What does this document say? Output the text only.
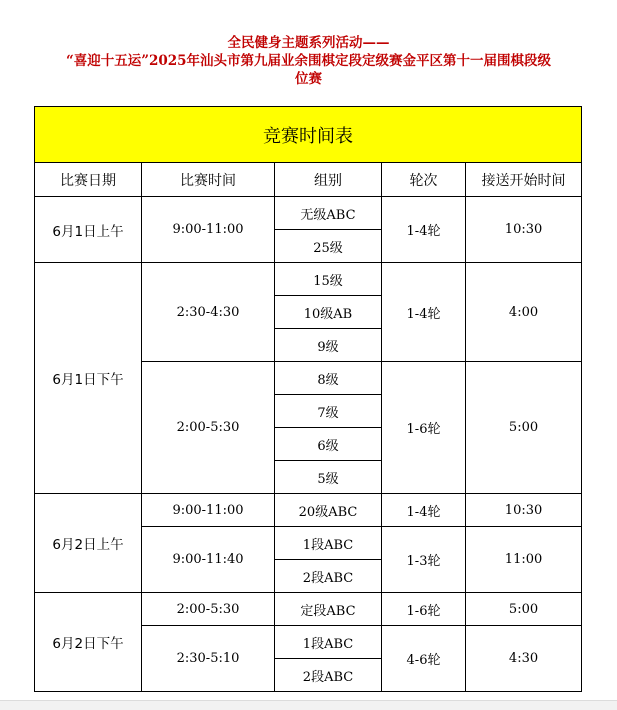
全民健身主题系列活动——
“喜迎十五运”2025年汕头市第九届业余围棋定段定级赛金平区第十一届围棋段级
位赛
竞赛时间表				
比赛日期	比赛时间	组别	轮次	接送开始时间
6月1日上午	9:00-11:00	无级ABC	1-4轮	10:30
		25级		
6月1日下午	2:30-4:30	15级	1-4轮	4:00
		10级AB		
		9级		
	2:00-5:30	8级	1-6轮	5:00
		7级		
		6级		
		5级		
6月2日上午	9:00-11:00	20级ABC	1-4轮	10:30
	9:00-11:40	1段ABC	1-3轮	11:00
		2段ABC		
6月2日下午	2:00-5:30	定段ABC	1-6轮	5:00
	2:30-5:10	1段ABC	4-6轮	4:30
		2段ABC		
